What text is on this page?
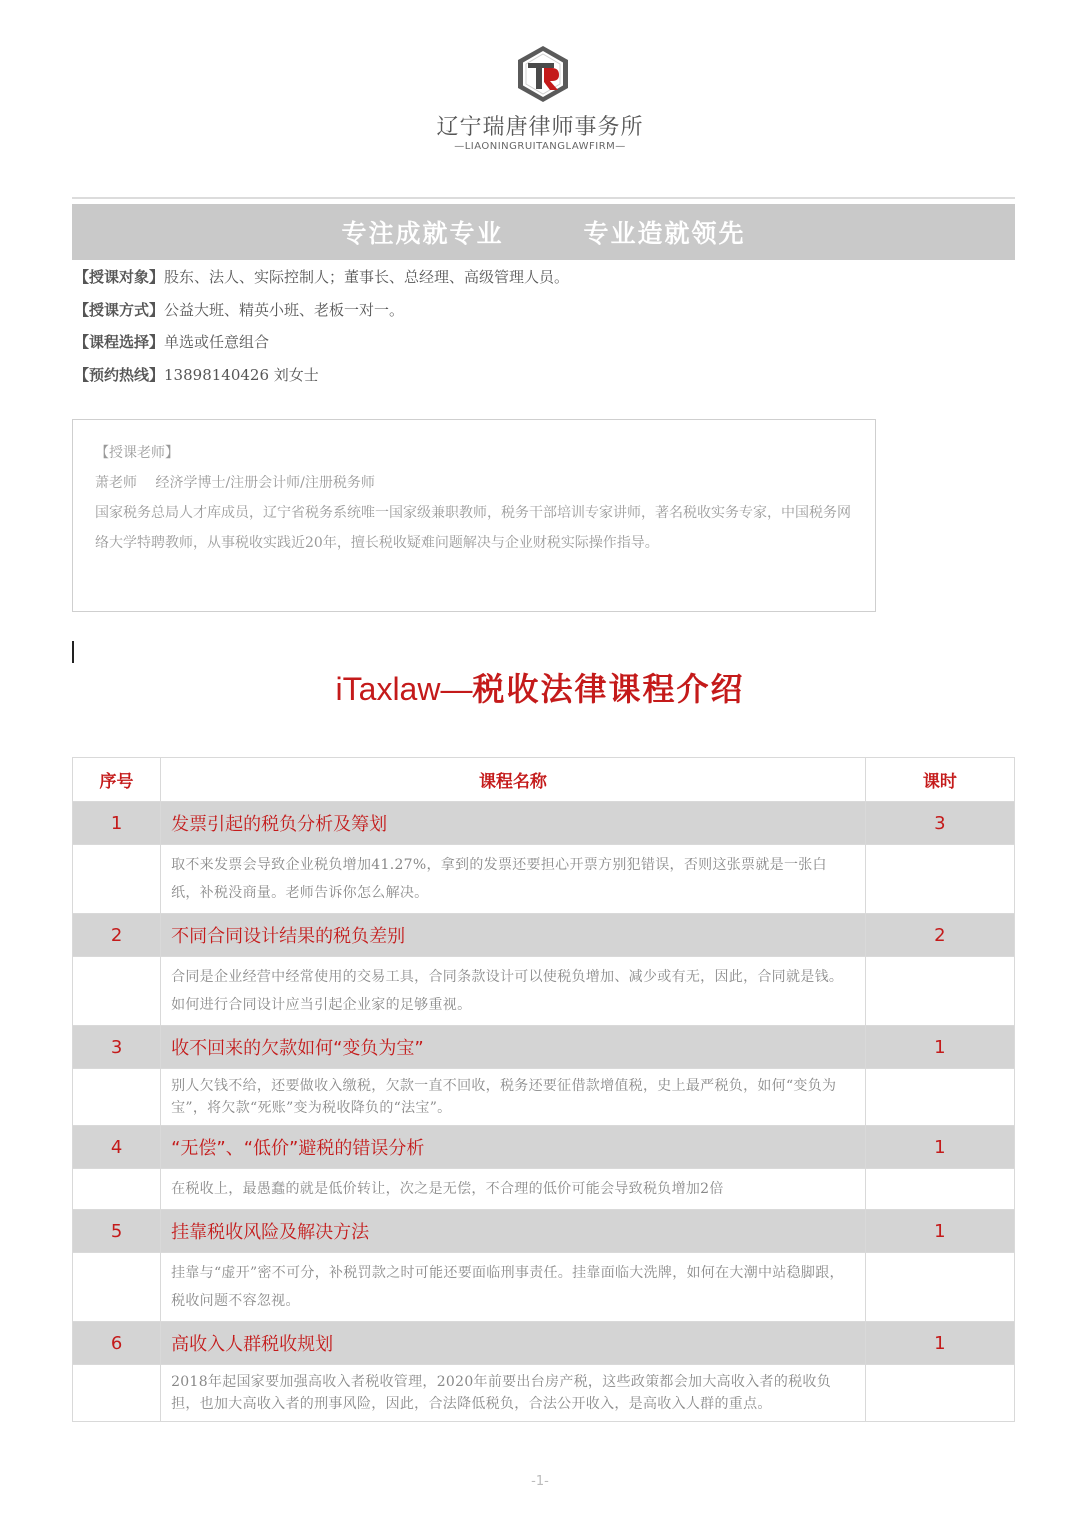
TR
辽宁瑞唐律师事务所
—LIAONINGRUITANGLAWFIRM—
专注成就专业	专业造就领先
【授课对象】股东、法人、实际控制人；董事长、总经理、高级管理人员。
【授课方式】公益大班、精英小班、老板一对一。
【课程选择】单选或任意组合
【预约热线】13898140426 刘女士
【授课老师】
萧老师　 经济学博士/注册会计师/注册税务师
国家税务总局人才库成员，辽宁省税务系统唯一国家级兼职教师，税务干部培训专家讲师，著名税收实务专家，中国税务网络大学特聘教师，从事税收实践近20年，擅长税收疑难问题解决与企业财税实际操作指导。
iTaxlaw—税收法律课程介绍
序号	课程名称	课时
1	发票引起的税负分析及筹划	3
	取不来发票会导致企业税负增加41.27%，拿到的发票还要担心开票方别犯错误，否则这张票就是一张白纸，补税没商量。老师告诉你怎么解决。	
2	不同合同设计结果的税负差别	2
	合同是企业经营中经常使用的交易工具，合同条款设计可以使税负增加、减少或有无，因此，合同就是钱。如何进行合同设计应当引起企业家的足够重视。	
3	收不回来的欠款如何“变负为宝”	1
	别人欠钱不给，还要做收入缴税，欠款一直不回收，税务还要征借款增值税，史上最严税负，如何“变负为宝”，将欠款“死账”变为税收降负的“法宝”。	
4	“无偿”、“低价”避税的错误分析	1
	在税收上，最愚蠢的就是低价转让，次之是无偿，不合理的低价可能会导致税负增加2倍	
5	挂靠税收风险及解决方法	1
	挂靠与“虚开”密不可分，补税罚款之时可能还要面临刑事责任。挂靠面临大洗牌，如何在大潮中站稳脚跟，税收问题不容忽视。	
6	高收入人群税收规划	1
	2018年起国家要加强高收入者税收管理，2020年前要出台房产税，这些政策都会加大高收入者的税收负担，也加大高收入者的刑事风险，因此，合法降低税负，合法公开收入，是高收入人群的重点。	
-1-
